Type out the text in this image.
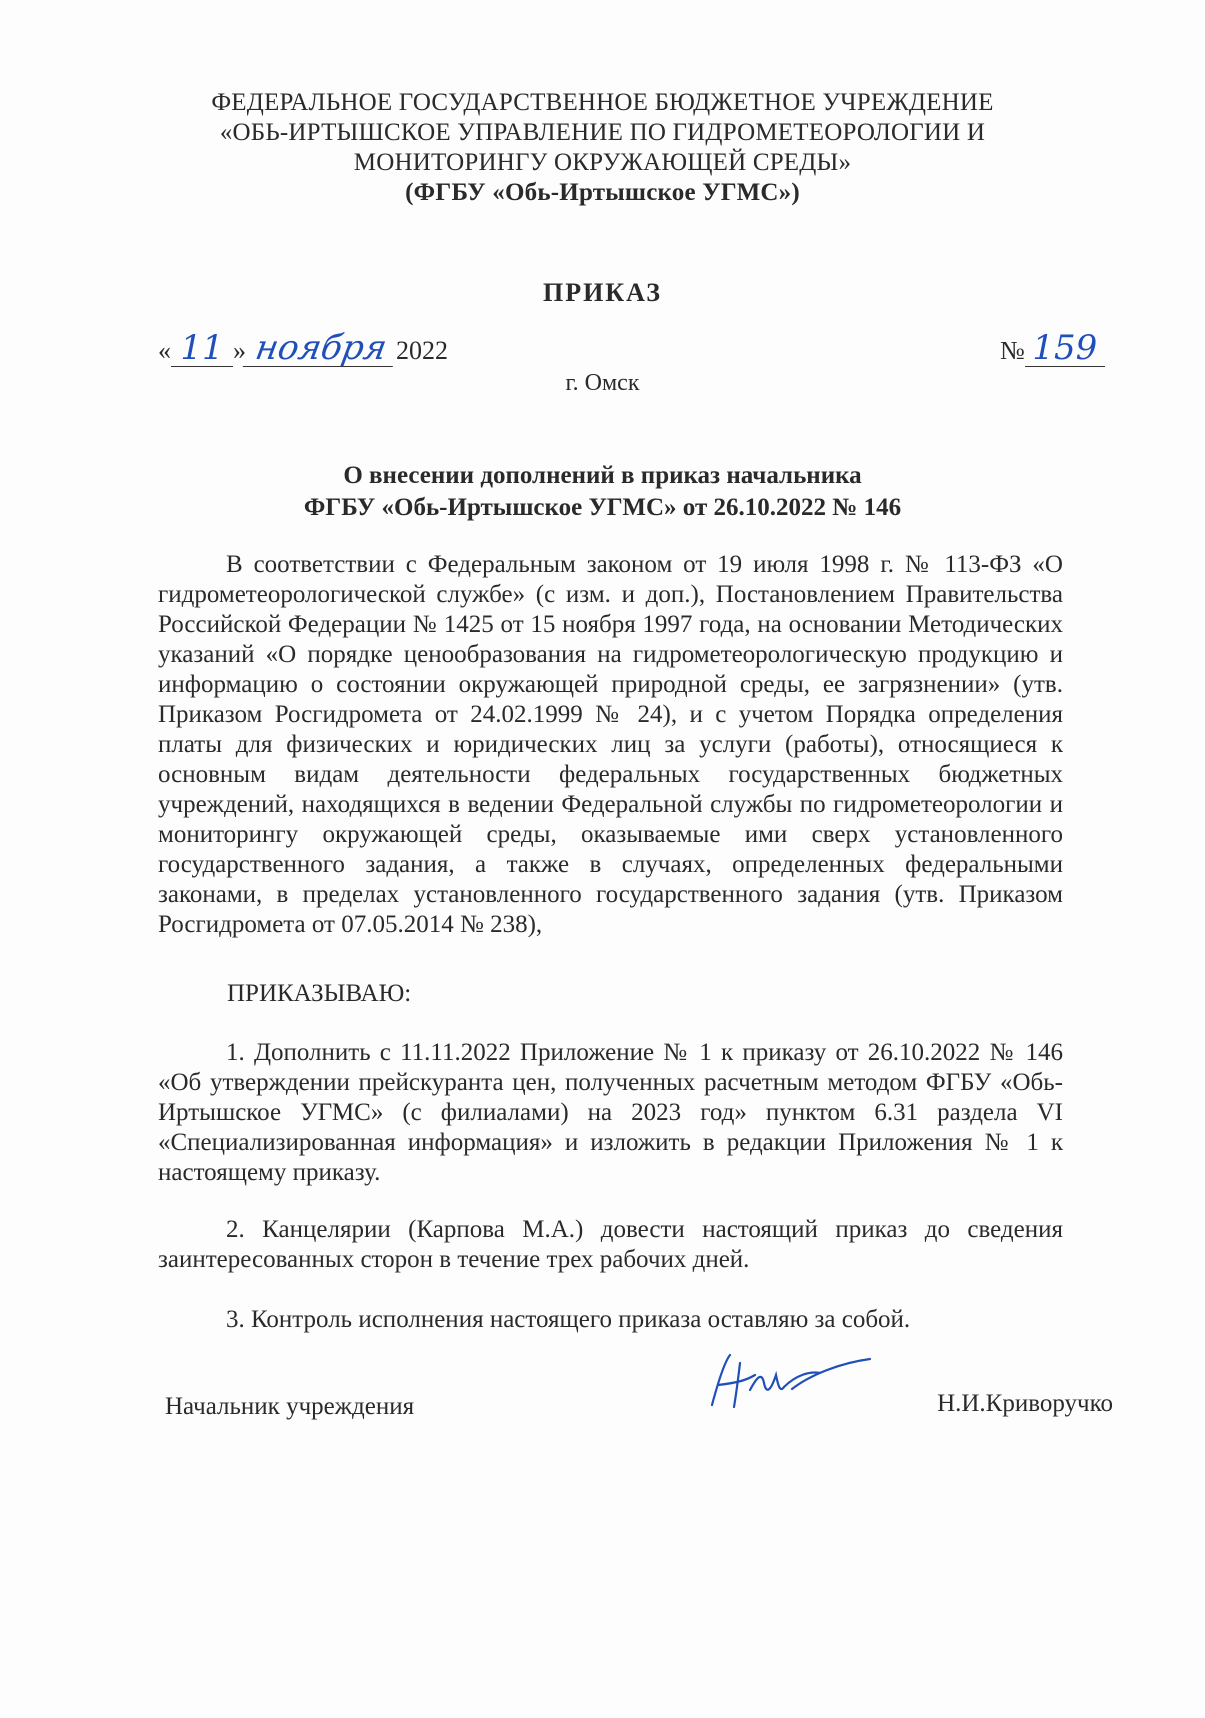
ФЕДЕРАЛЬНОЕ ГОСУДАРСТВЕННОЕ БЮДЖЕТНОЕ УЧРЕЖДЕНИЕ
«ОБЬ-ИРТЫШСКОЕ УПРАВЛЕНИЕ ПО ГИДРОМЕТЕОРОЛОГИИ И
МОНИТОРИНГУ ОКРУЖАЮЩЕЙ СРЕДЫ»
(ФГБУ «Обь-Иртышское УГМС»)
ПРИКАЗ
« 11 » ноября 2022	№ 159
г. Омск
О внесении дополнений в приказ начальника
ФГБУ «Обь-Иртышское УГМС» от 26.10.2022 № 146
В соответствии с Федеральным законом от 19 июля 1998 г. № 113-ФЗ «О гидрометеорологической службе» (с изм. и доп.), Постановлением Правительства Российской Федерации № 1425 от 15 ноября 1997 года, на основании Методических указаний «О порядке ценообразования на гидрометеорологическую продукцию и информацию о состоянии окружающей природной среды, ее загрязнении» (утв. Приказом Росгидромета от 24.02.1999 № 24), и с учетом Порядка определения платы для физических и юридических лиц за услуги (работы), относящиеся к основным видам деятельности федеральных государственных бюджетных учреждений, находящихся в ведении Федеральной службы по гидрометеорологии и мониторингу окружающей среды, оказываемые ими сверх установленного государственного задания, а также в случаях, определенных федеральными законами, в пределах установленного государственного задания (утв. Приказом Росгидромета от 07.05.2014 № 238),
ПРИКАЗЫВАЮ:
1. Дополнить с 11.11.2022 Приложение № 1 к приказу от 26.10.2022 № 146 «Об утверждении прейскуранта цен, полученных расчетным методом ФГБУ «Обь-Иртышское УГМС» (с филиалами) на 2023 год» пунктом 6.31 раздела VI «Специализированная информация» и изложить в редакции Приложения № 1 к настоящему приказу.
2. Канцелярии (Карпова М.А.) довести настоящий приказ до сведения заинтересованных сторон в течение трех рабочих дней.
3. Контроль исполнения настоящего приказа оставляю за собой.
Начальник учреждения	Н.И.Криворучко
